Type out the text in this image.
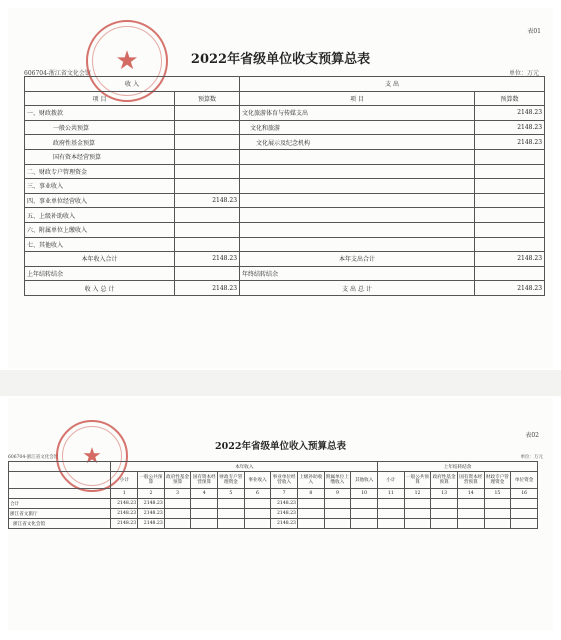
表01
2022年省级单位收支预算总表
606704-浙江省文化会馆	单位：万元
★
收 入		支 出	
项 目	预算数	项 目	预算数
一、财政拨款		文化旅游体育与传媒支出	2148.23
一般公共预算		文化和旅游	2148.23
政府性基金预算		文化展示及纪念机构	2148.23
国有资本经营预算			
二、财政专户管理资金			
三、事业收入			
四、事业单位经营收入	2148.23		
五、上级补助收入			
六、附属单位上缴收入			
七、其他收入			
本年收入合计	2148.23	本年支出合计	2148.23
上年结转结余		年终结转结余	
收 入 总 计	2148.23	支 出 总 计	2148.23
表02
2022年省级单位收入预算总表
606704-浙江省文化会馆	单位：万元
★
		本年收入										上年结转结余					
	小计	一般公共预算	政府性基金预算	国有资本经营预算	财政专户管理资金	事业收入	事业单位经营收入	上级补助收入	附属单位上缴收入	其他收入	小计	一般公共预算	政府性基金预算	国有资本经营预算	财政专户管理资金	单位资金
	1	2	3	4	5	6	7	8	9	10	11	12	13	14	15	16
合计	2148.23	2148.23					2148.23									
浙江省文旅厅	2148.23	2148.23					2148.23									
浙江省文化会馆	2148.23	2148.23					2148.23									
